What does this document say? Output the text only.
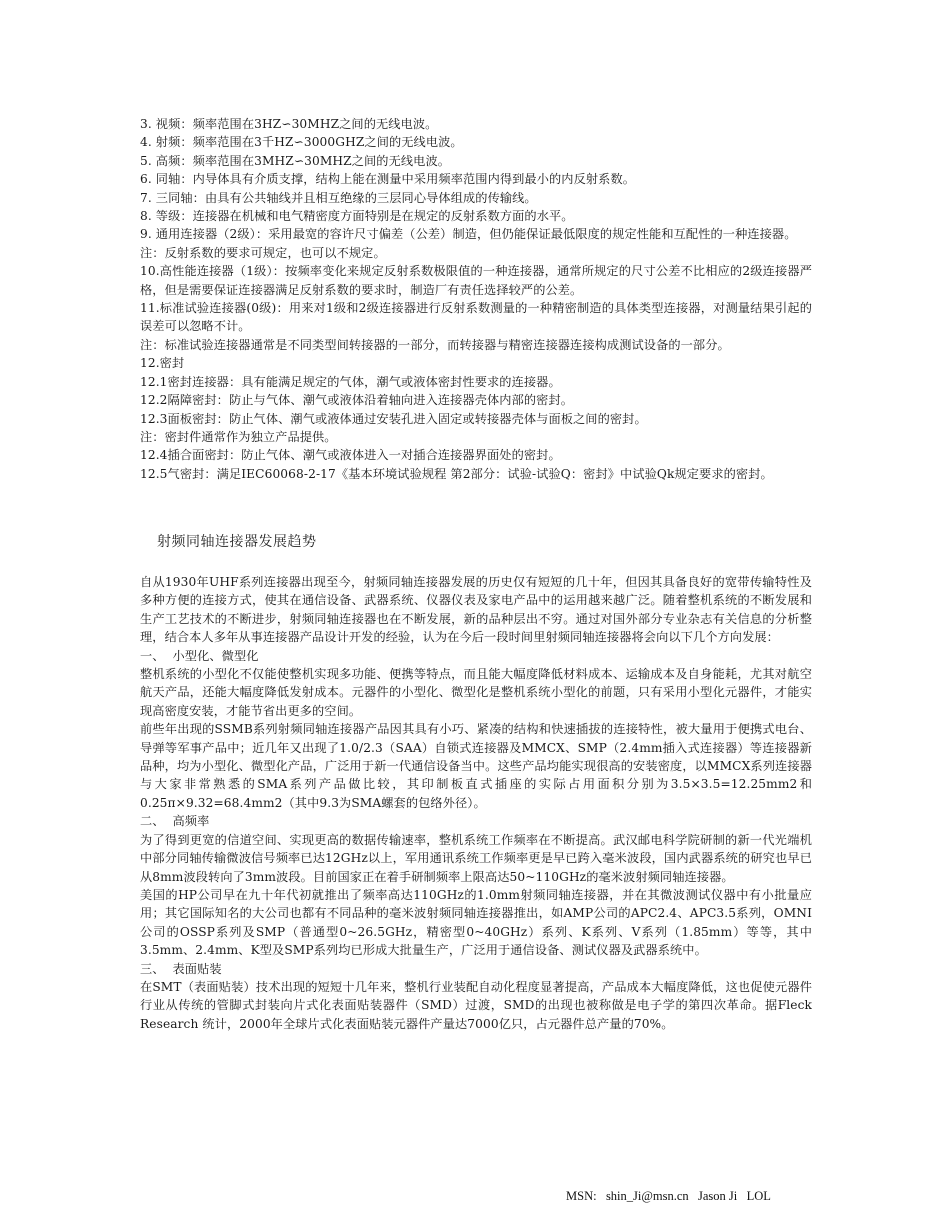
3. 视频：频率范围在3HZ∽30MHZ之间的无线电波。

4. 射频：频率范围在3千HZ∽3000GHZ之间的无线电波。

5. 高频：频率范围在3MHZ∽30MHZ之间的无线电波。

6. 同轴：内导体具有介质支撑，结构上能在测量中采用频率范围内得到最小的内反射系数。

7. 三同轴：由具有公共轴线并且相互绝缘的三层同心导体组成的传输线。

8. 等级：连接器在机械和电气精密度方面特别是在规定的反射系数方面的水平。

9. 通用连接器（2级）：采用最宽的容许尺寸偏差（公差）制造，但仍能保证最低限度的规定性能和互配性的一种连接器。

注：反射系数的要求可规定，也可以不规定。

10.高性能连接器（1级）：按频率变化来规定反射系数极限值的一种连接器，通常所规定的尺寸公差不比相应的2级连接器严格，但是需要保证连接器满足反射系数的要求时，制造厂有责任选择较严的公差。

11.标准试验连接器(0级)：用来对1级和2级连接器进行反射系数测量的一种精密制造的具体类型连接器，对测量结果引起的误差可以忽略不计。

注：标准试验连接器通常是不同类型间转接器的一部分，而转接器与精密连接器连接构成测试设备的一部分。

12.密封

12.1密封连接器：具有能满足规定的气体，潮气或液体密封性要求的连接器。

12.2隔障密封：防止与气体、潮气或液体沿着轴向进入连接器壳体内部的密封。

12.3面板密封：防止气体、潮气或液体通过安装孔进入固定或转接器壳体与面板之间的密封。

注：密封件通常作为独立产品提供。

12.4插合面密封：防止气体、潮气或液体进入一对插合连接器界面处的密封。

12.5气密封：满足IEC60068-2-17《基本环境试验规程 第2部分：试验-试验Q：密封》中试验Qk规定要求的密封。

射频同轴连接器发展趋势

自从1930年UHF系列连接器出现至今，射频同轴连接器发展的历史仅有短短的几十年，但因其具备良好的宽带传输特性及多种方便的连接方式，使其在通信设备、武器系统、仪器仪表及家电产品中的运用越来越广泛。随着整机系统的不断发展和生产工艺技术的不断进步，射频同轴连接器也在不断发展，新的品种层出不穷。通过对国外部分专业杂志有关信息的分析整理，结合本人多年从事连接器产品设计开发的经验，认为在今后一段时间里射频同轴连接器将会向以下几个方向发展：

一、  小型化、微型化

整机系统的小型化不仅能使整机实现多功能、便携等特点，而且能大幅度降低材料成本、运输成本及自身能耗，尤其对航空航天产品，还能大幅度降低发射成本。元器件的小型化、微型化是整机系统小型化的前题，只有采用小型化元器件，才能实现高密度安装，才能节省出更多的空间。

前些年出现的SSMB系列射频同轴连接器产品因其具有小巧、紧凑的结构和快速插拔的连接特性，被大量用于便携式电台、导弹等军事产品中；近几年又出现了1.0/2.3（SAA）自锁式连接器及MMCX、SMP（2.4mm插入式连接器）等连接器新品种，均为小型化、微型化产品，广泛用于新一代通信设备当中。这些产品均能实现很高的安装密度，以MMCX系列连接器与大家非常熟悉的SMA系列产品做比较，其印制板直式插座的实际占用面积分别为3.5×3.5=12.25mm2和0.25π×9.32=68.4mm2（其中9.3为SMA螺套的包络外径）。

二、  高频率

为了得到更宽的信道空间、实现更高的数据传输速率，整机系统工作频率在不断提高。武汉邮电科学院研制的新一代光端机中部分同轴传输微波信号频率已达12GHz以上，军用通讯系统工作频率更是早已跨入毫米波段，国内武器系统的研究也早已从8mm波段转向了3mm波段。目前国家正在着手研制频率上限高达50~110GHz的毫米波射频同轴连接器。

美国的HP公司早在九十年代初就推出了频率高达110GHz的1.0mm射频同轴连接器，并在其微波测试仪器中有小批量应用；其它国际知名的大公司也都有不同品种的毫米波射频同轴连接器推出，如AMP公司的APC2.4、APC3.5系列，OMNI公司的OSSP系列及SMP（普通型0~26.5GHz，精密型0~40GHz）系列、K系列、V系列（1.85mm）等等，其中3.5mm、2.4mm、K型及SMP系列均已形成大批量生产，广泛用于通信设备、测试仪器及武器系统中。

三、  表面贴装

在SMT（表面贴装）技术出现的短短十几年来，整机行业装配自动化程度显著提高，产品成本大幅度降低，这也促使元器件行业从传统的管脚式封装向片式化表面贴装器件（SMD）过渡，SMD的出现也被称做是电子学的第四次革命。据Fleck Research 统计，2000年全球片式化表面贴装元器件产量达7000亿只，占元器件总产量的70%。

MSN:   shin_Ji@msn.cn   Jason Ji   LOL
